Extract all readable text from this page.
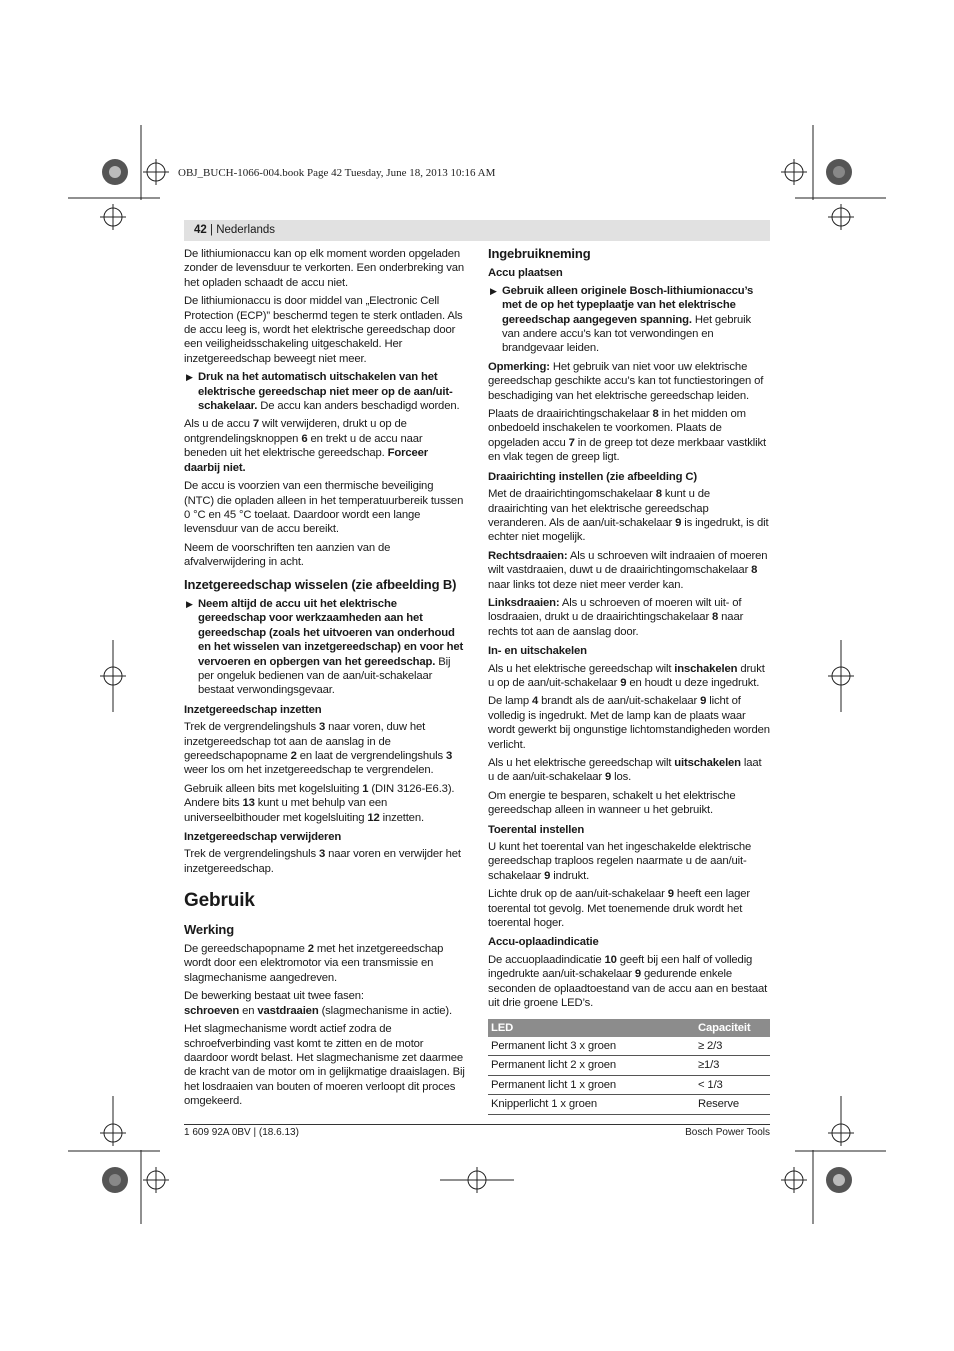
OBJ_BUCH-1066-004.book Page 42 Tuesday, June 18, 2013 10:16 AM
42 | Nederlands

De lithiumionaccu kan op elk moment worden opgeladen zonder de levensduur te verkorten. Een onderbreking van het opladen schaadt de accu niet.

De lithiumionaccu is door middel van „Electronic Cell Protection (ECP)” beschermd tegen te sterk ontladen. Als de accu leeg is, wordt het elektrische gereedschap door een veiligheidsschakeling uitgeschakeld. Her inzetgereedschap beweegt niet meer.

▶ Druk na het automatisch uitschakelen van het elektrische gereedschap niet meer op de aan/uit-schakelaar. De accu kan anders beschadigd worden.

Als u de accu 7 wilt verwijderen, drukt u op de ontgrendelingsknoppen 6 en trekt u de accu naar beneden uit het elektrische gereedschap. Forceer daarbij niet.

De accu is voorzien van een thermische beveiliging (NTC) die opladen alleen in het temperatuurbereik tussen 0 °C en 45 °C toelaat. Daardoor wordt een lange levensduur van de accu bereikt.

Neem de voorschriften ten aanzien van de afvalverwijdering in acht.

Inzetgereedschap wisselen (zie afbeelding B)
▶ Neem altijd de accu uit het elektrische gereedschap voor werkzaamheden aan het gereedschap (zoals het uitvoeren van onderhoud en het wisselen van inzetgereedschap) en voor het vervoeren en opbergen van het gereedschap. Bij per ongeluk bedienen van de aan/uit-schakelaar bestaat verwondingsgevaar.
Inzetgereedschap inzetten

Trek de vergrendelingshuls 3 naar voren, duw het inzetgereedschap tot aan de aanslag in de gereedschapopname 2 en laat de vergrendelingshuls 3 weer los om het inzetgereedschap te vergrendelen.

Gebruik alleen bits met kogelsluiting 1 (DIN 3126-E6.3). Andere bits 13 kunt u met behulp van een universeelbithouder met kogelsluiting 12 inzetten.

Inzetgereedschap verwijderen

Trek de vergrendelingshuls 3 naar voren en verwijder het inzetgereedschap.

Gebruik
Werking

De gereedschapopname 2 met het inzetgereedschap wordt door een elektromotor via een transmissie en slagmechanisme aangedreven.

De bewerking bestaat uit twee fasen:
schroeven en vastdraaien (slagmechanisme in actie).

Het slagmechanisme wordt actief zodra de schroefverbinding vast komt te zitten en de motor daardoor wordt belast. Het slagmechanisme zet daarmee de kracht van de motor om in gelijkmatige draaislagen. Bij het losdraaien van bouten of moeren verloopt dit proces omgekeerd.

Ingebruikneming
Accu plaatsen
▶ Gebruik alleen originele Bosch-lithiumionaccu’s met de op het typeplaatje van het elektrische gereedschap aangegeven spanning. Het gebruik van andere accu’s kan tot verwondingen en brandgevaar leiden.

Opmerking: Het gebruik van niet voor uw elektrische gereedschap geschikte accu’s kan tot functiestoringen of beschadiging van het elektrische gereedschap leiden.

Plaats de draairichtingschakelaar 8 in het midden om onbedoeld inschakelen te voorkomen. Plaats de opgeladen accu 7 in de greep tot deze merkbaar vastklikt en vlak tegen de greep ligt.

Draairichting instellen (zie afbeelding C)

Met de draairichtingomschakelaar 8 kunt u de draairichting van het elektrische gereedschap veranderen. Als de aan/uit-schakelaar 9 is ingedrukt, is dit echter niet mogelijk.

Rechtsdraaien: Als u schroeven wilt indraaien of moeren wilt vastdraaien, duwt u de draairichtingomschakelaar 8 naar links tot deze niet meer verder kan.

Linksdraaien: Als u schroeven of moeren wilt uit- of losdraaien, drukt u de draairichtingschakelaar 8 naar rechts tot aan de aanslag door.

In- en uitschakelen

Als u het elektrische gereedschap wilt inschakelen drukt u op de aan/uit-schakelaar 9 en houdt u deze ingedrukt.

De lamp 4 brandt als de aan/uit-schakelaar 9 licht of volledig is ingedrukt. Met de lamp kan de plaats waar wordt gewerkt bij ongunstige lichtomstandigheden worden verlicht.

Als u het elektrische gereedschap wilt uitschakelen laat u de aan/uit-schakelaar 9 los.

Om energie te besparen, schakelt u het elektrische gereedschap alleen in wanneer u het gebruikt.

Toerental instellen

U kunt het toerental van het ingeschakelde elektrische gereedschap traploos regelen naarmate u de aan/uit-schakelaar 9 indrukt.

Lichte druk op de aan/uit-schakelaar 9 heeft een lager toerental tot gevolg. Met toenemende druk wordt het toerental hoger.

Accu-oplaadindicatie

De accuoplaadindicatie 10 geeft bij een half of volledig ingedrukte aan/uit-schakelaar 9 gedurende enkele seconden de oplaadtoestand van de accu aan en bestaat uit drie groene LED’s.

LED	Capaciteit
Permanent licht 3 x groen	≥ 2/3
Permanent licht 2 x groen	≥1/3
Permanent licht 1 x groen	< 1/3
Knipperlicht 1 x groen	Reserve
1 609 92A 0BV | (18.6.13)	Bosch Power Tools
